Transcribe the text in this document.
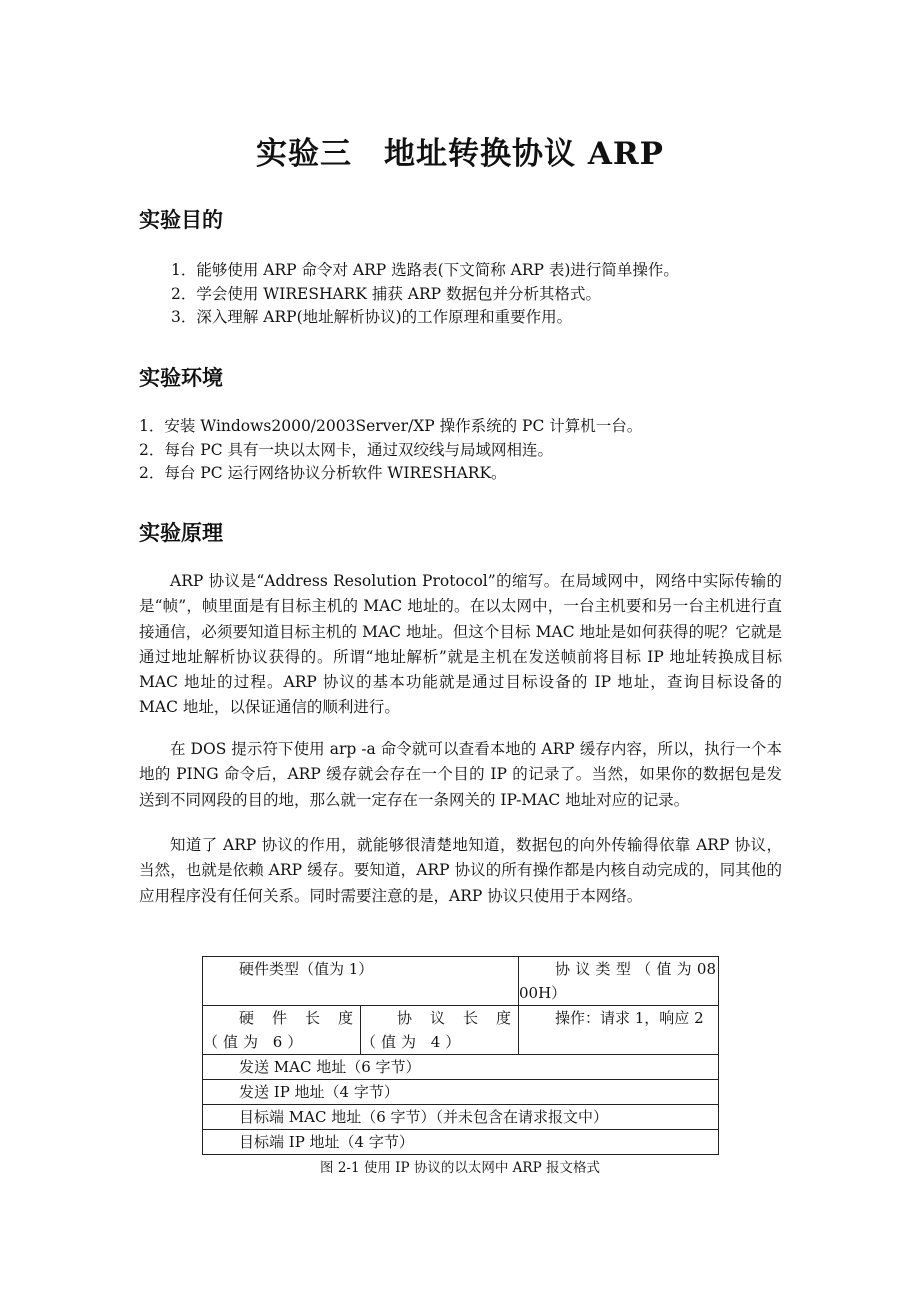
实验三　地址转换协议 ARP
实验目的
1．能够使用 ARP 命令对 ARP 选路表(下文简称 ARP 表)进行简单操作。
2．学会使用 WIRESHARK 捕获 ARP 数据包并分析其格式。
3．深入理解 ARP(地址解析协议)的工作原理和重要作用。
实验环境
1．安装 Windows2000/2003Server/XP 操作系统的 PC 计算机一台。
2．每台 PC 具有一块以太网卡，通过双绞线与局域网相连。
2．每台 PC 运行网络协议分析软件 WIRESHARK。
实验原理

ARP 协议是“Address Resolution Protocol”的缩写。在局域网中，网络中实际传输的是“帧”，帧里面是有目标主机的 MAC 地址的。在以太网中，一台主机要和另一台主机进行直接通信，必须要知道目标主机的 MAC 地址。但这个目标 MAC 地址是如何获得的呢？它就是通过地址解析协议获得的。所谓“地址解析”就是主机在发送帧前将目标 IP 地址转换成目标 MAC 地址的过程。ARP 协议的基本功能就是通过目标设备的 IP 地址，查询目标设备的 MAC 地址，以保证通信的顺利进行。

在 DOS 提示符下使用 arp -a 命令就可以查看本地的 ARP 缓存内容，所以，执行一个本地的 PING 命令后，ARP 缓存就会存在一个目的 IP 的记录了。当然，如果你的数据包是发送到不同网段的目的地，那么就一定存在一条网关的 IP-MAC 地址对应的记录。

知道了 ARP 协议的作用，就能够很清楚地知道，数据包的向外传输得依靠 ARP 协议，当然，也就是依赖 ARP 缓存。要知道，ARP 协议的所有操作都是内核自动完成的，同其他的应用程序没有任何关系。同时需要注意的是，ARP 协议只使用于本网络。

硬件类型（值为 1）		协 议 类 型 （ 值 为 0800H）
硬件长度（值为 6）	协议长度（值为 4）	操作：请求 1，响应 2
发送 MAC 地址（6 字节）		
发送 IP 地址（4 字节）		
目标端 MAC 地址（6 字节）（并未包含在请求报文中）		
目标端 IP 地址（4 字节）		

图 2-1 使用 IP 协议的以太网中 ARP 报文格式
